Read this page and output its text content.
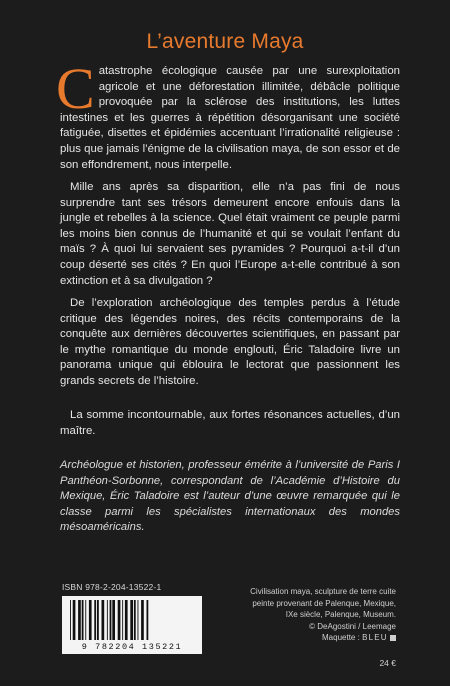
L’aventure Maya
Catastrophe écologique causée par une surexploitation agricole et une déforestation illimitée, débâcle politique provoquée par la sclérose des institutions, les luttes intestines et les guerres à répétition désorganisant une société fatiguée, disettes et épidémies accentuant l’irrationalité religieuse : plus que jamais l’énigme de la civilisation maya, de son essor et de son effondrement, nous interpelle.
Mille ans après sa disparition, elle n’a pas fini de nous surprendre tant ses trésors demeurent encore enfouis dans la jungle et rebelles à la science. Quel était vraiment ce peuple parmi les moins bien connus de l’humanité et qui se voulait l’enfant du maïs ? À quoi lui servaient ses pyramides ? Pourquoi a-t-il d’un coup déserté ses cités ? En quoi l’Europe a-t-elle contribué à son extinction et à sa divulgation ?
De l’exploration archéologique des temples perdus à l’étude critique des légendes noires, des récits contemporains de la conquête aux dernières découvertes scientifiques, en passant par le mythe romantique du monde englouti, Éric Taladoire livre un panorama unique qui éblouira le lectorat que passionnent les grands secrets de l’histoire.
La somme incontournable, aux fortes résonances actuelles, d’un maître.
Archéologue et historien, professeur émérite à l’université de Paris I Panthéon-Sorbonne, correspondant de l’Académie d’Histoire du Mexique, Éric Taladoire est l’auteur d’une œuvre remarquée qui le classe parmi les spécialistes internationaux des mondes mésoaméricains.
ISBN 978-2-204-13522-1
9 782204 135221
Civilisation maya, sculpture de terre cuite
peinte provenant de Palenque, Mexique,
IXe siècle, Palenque, Museum.
© DeAgostini / Leemage
Maquette : BLEU
24 €
